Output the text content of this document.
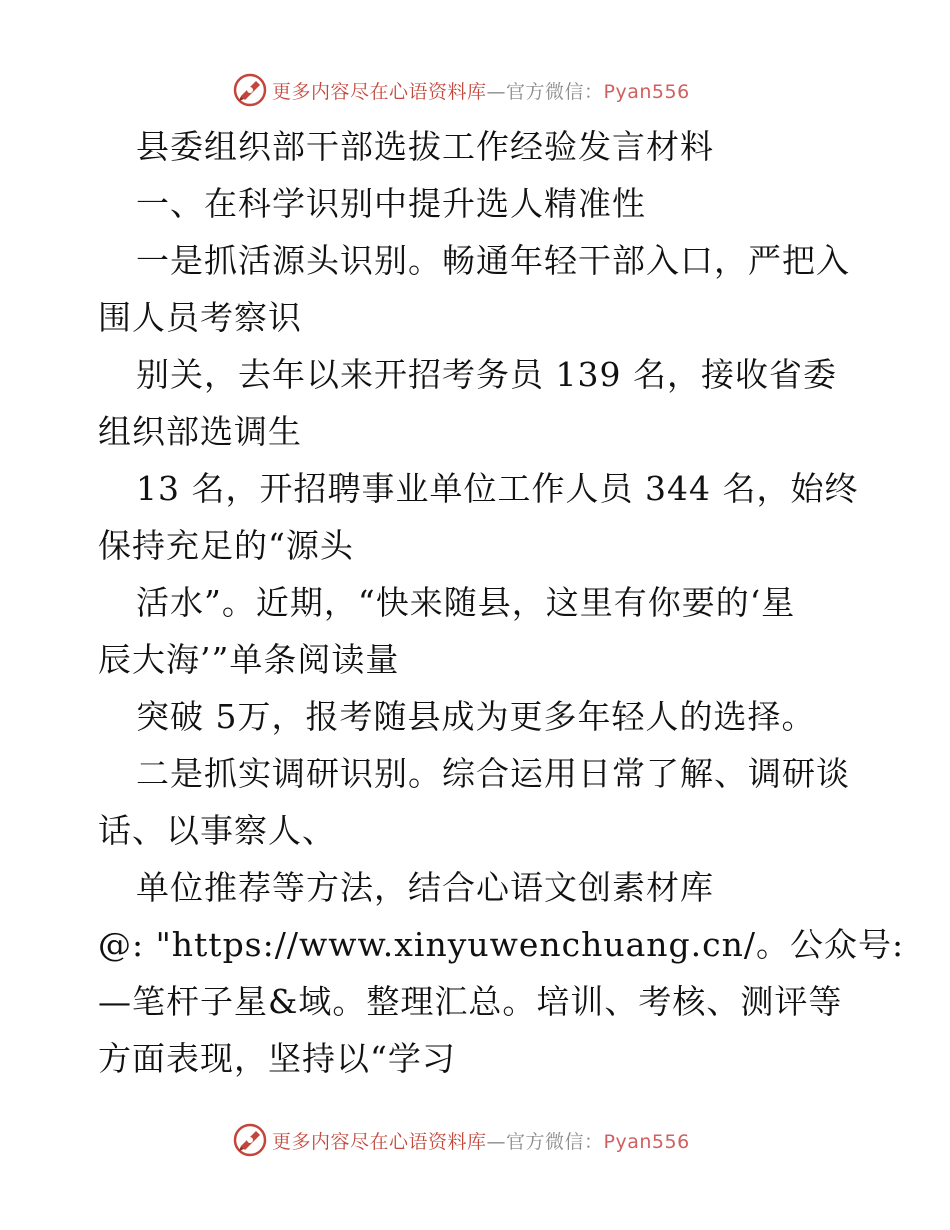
更多内容尽在心语资料库—官方微信：Pyan556
县委组织部干部选拔工作经验发言材料
一、在科学识别中提升选人精准性
一是抓活源头识别。畅通年轻干部入口，严把入
围人员考察识
别关，去年以来开招考务员 139 名，接收省委
组织部选调生
13 名，开招聘事业单位工作人员 344 名，始终
保持充足的“源头
活水”。近期，“快来随县，这里有你要的‘星
辰大海’”单条阅读量
突破 5万，报考随县成为更多年轻人的选择。
二是抓实调研识别。综合运用日常了解、调研谈
话、以事察人、
单位推荐等方法，结合心语文创素材库
@: "https://www.xinyuwenchuang.cn/。公众号:
—笔杆子星&域。整理汇总。培训、考核、测评等
方面表现，坚持以“学习
更多内容尽在心语资料库—官方微信：Pyan556
